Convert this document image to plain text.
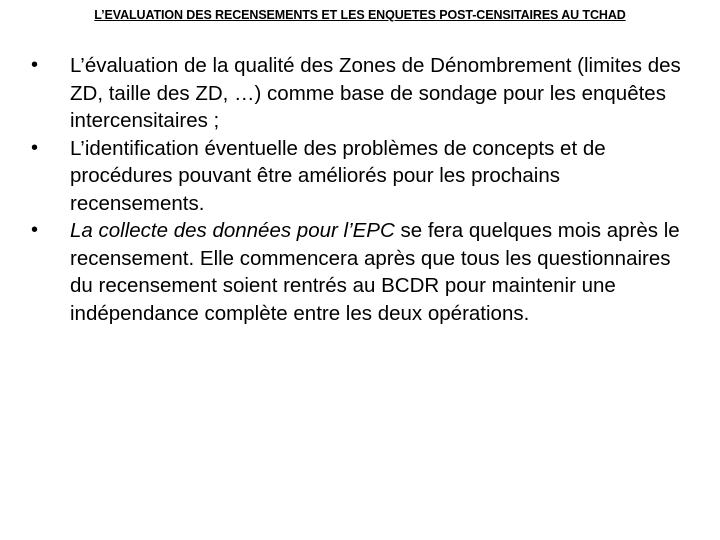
L’EVALUATION DES RECENSEMENTS ET LES ENQUETES POST-CENSITAIRES AU TCHAD
•	L’évaluation de la qualité des Zones de Dénombrement (limites des ZD, taille des ZD, …) comme base de sondage pour les enquêtes intercensitaires ;
•	L’identification éventuelle des problèmes de concepts et de procédures pouvant être améliorés pour les prochains recensements.
•	La collecte des données pour l’EPC se fera quelques mois après le recensement. Elle commencera après que tous les questionnaires du recensement soient rentrés au BCDR pour maintenir une indépendance complète entre les deux opérations.
